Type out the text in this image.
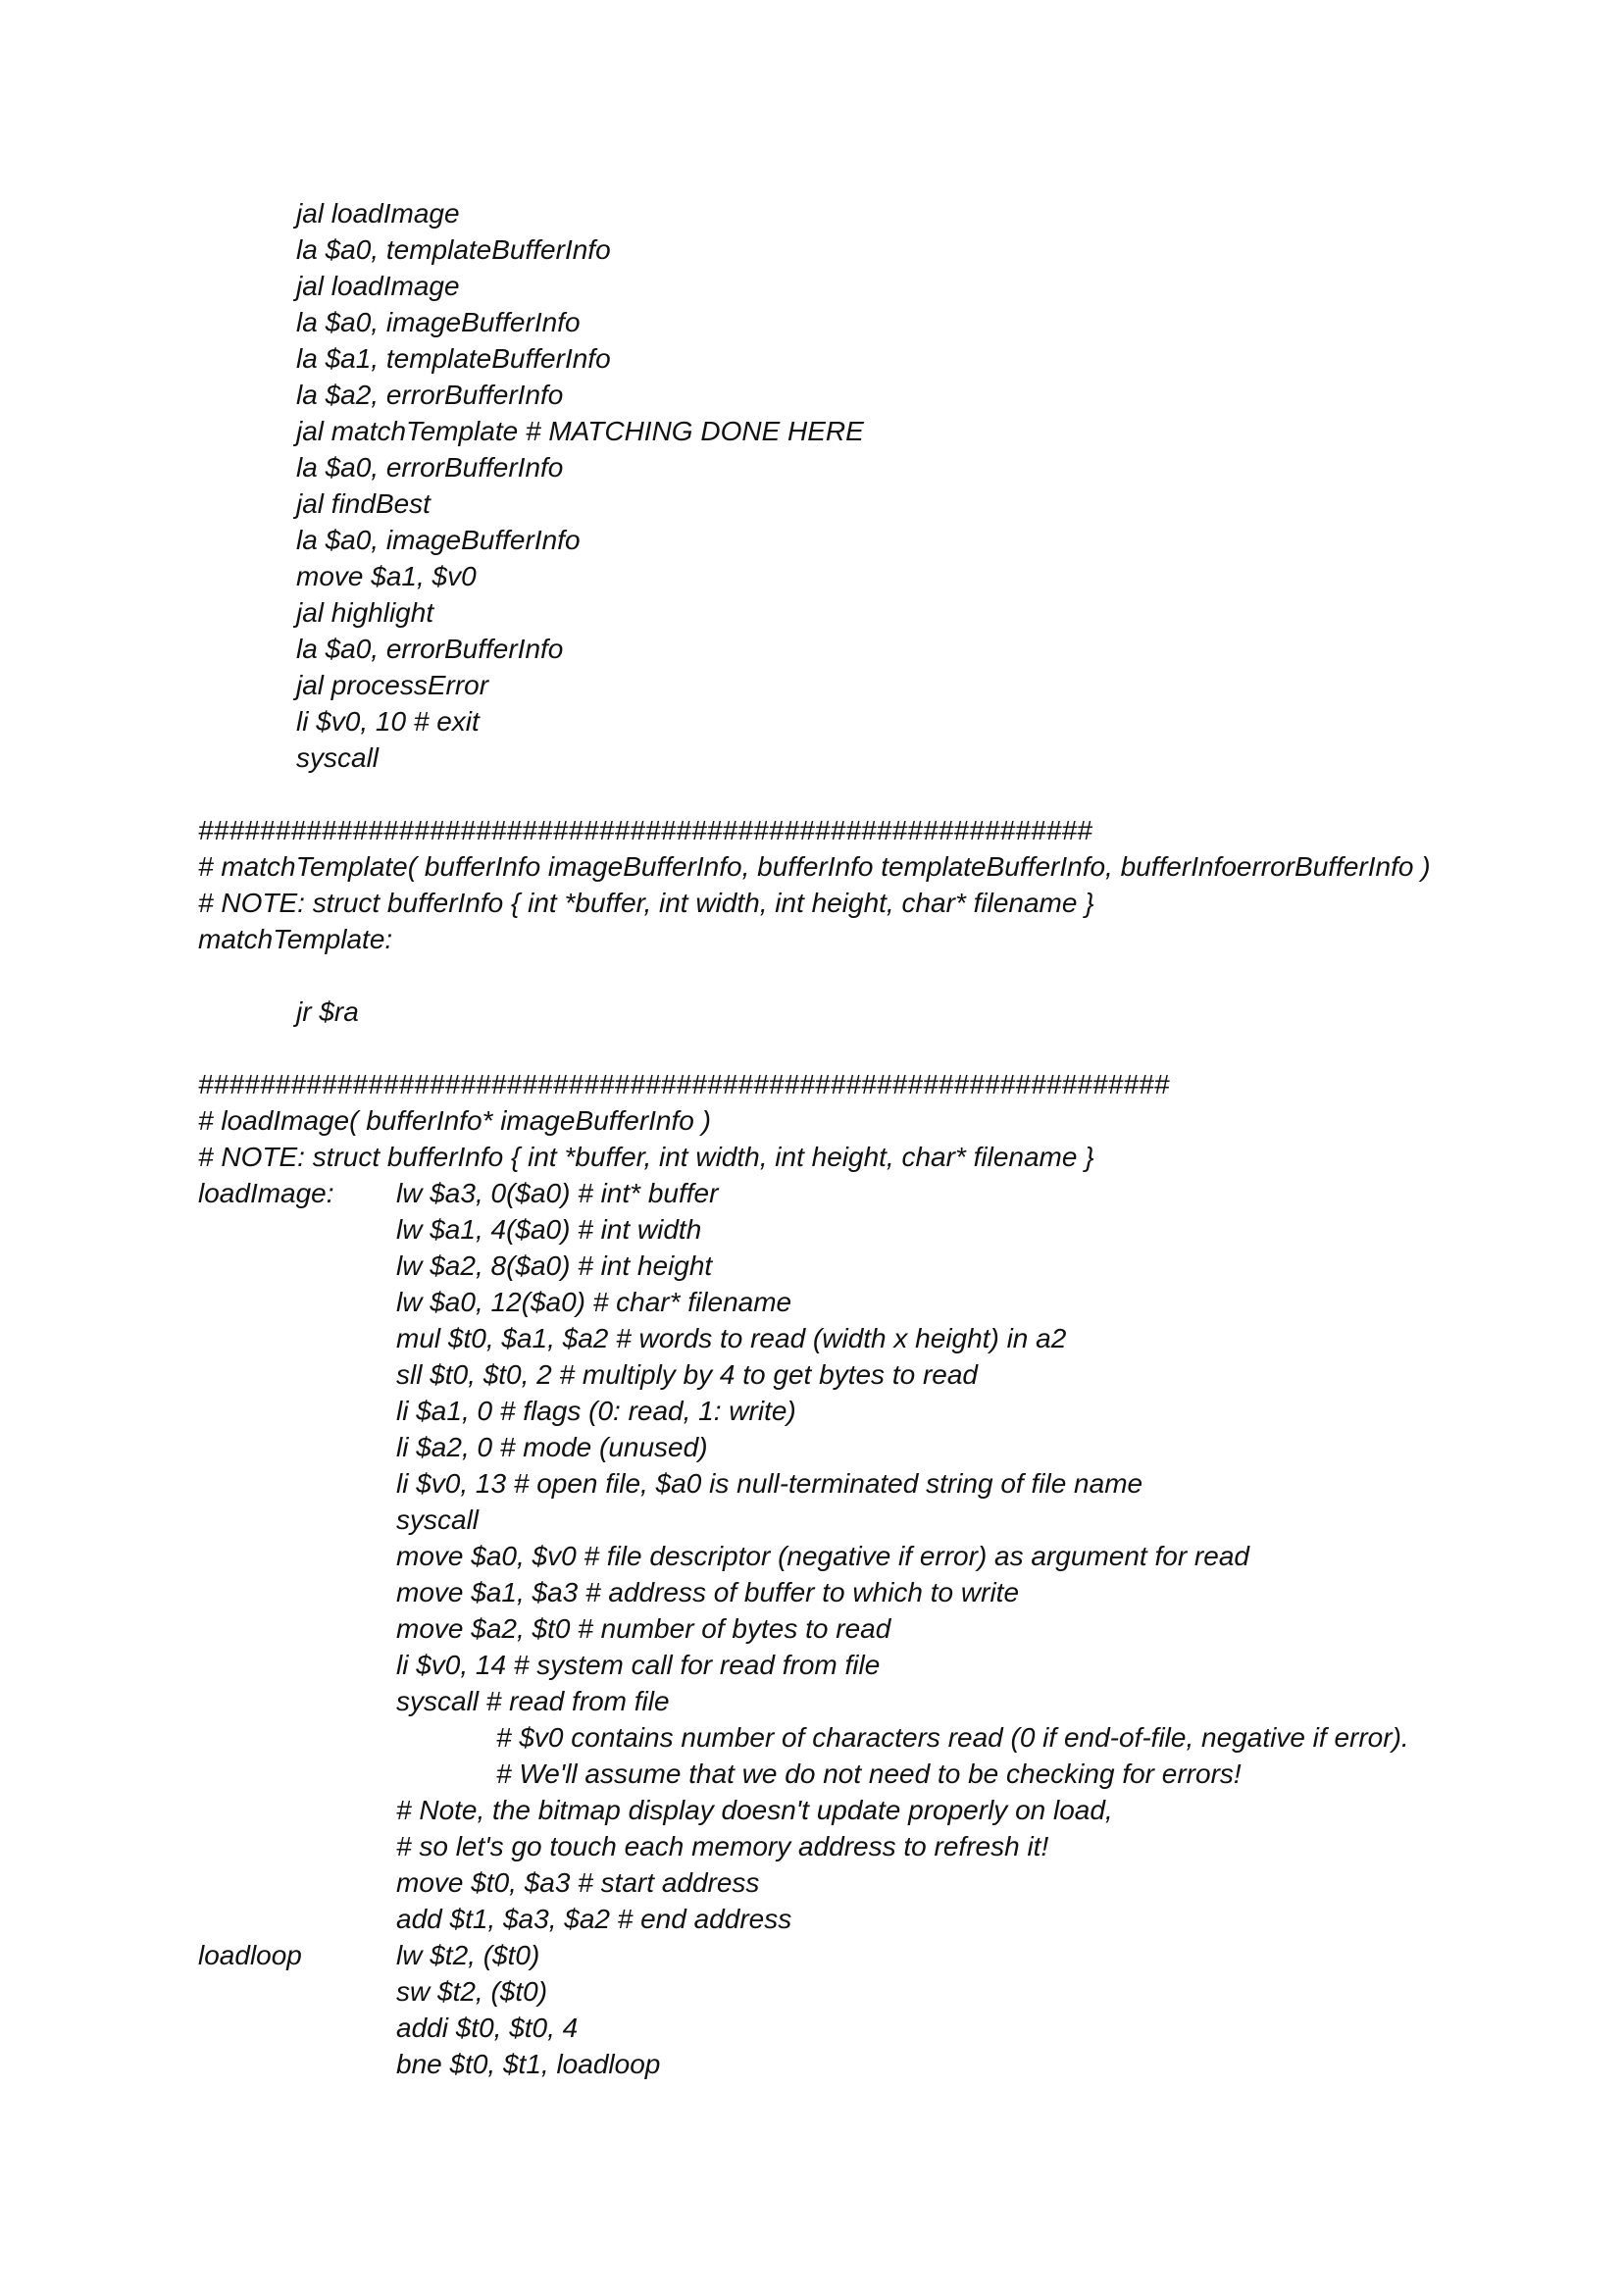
jal loadImage

la $a0, templateBufferInfo

jal loadImage

la $a0, imageBufferInfo

la $a1, templateBufferInfo

la $a2, errorBufferInfo

jal matchTemplate # MATCHING DONE HERE

la $a0, errorBufferInfo

jal findBest

la $a0, imageBufferInfo

move $a1, $v0

jal highlight

la $a0, errorBufferInfo

jal processError

li $v0, 10 # exit

syscall

##########################################################

# matchTemplate( bufferInfo imageBufferInfo, bufferInfo templateBufferInfo, bufferInfoerrorBufferInfo )

# NOTE: struct bufferInfo { int *buffer, int width, int height, char* filename }

matchTemplate:

jr $ra

###############################################################

# loadImage( bufferInfo* imageBufferInfo )

# NOTE: struct bufferInfo { int *buffer, int width, int height, char* filename }

loadImage: lw $a3, 0($a0) # int* buffer

lw $a1, 4($a0) # int width

lw $a2, 8($a0) # int height

lw $a0, 12($a0) # char* filename

mul $t0, $a1, $a2 # words to read (width x height) in a2

sll $t0, $t0, 2 # multiply by 4 to get bytes to read

li $a1, 0 # flags (0: read, 1: write)

li $a2, 0 # mode (unused)

li $v0, 13 # open file, $a0 is null-terminated string of file name

syscall

move $a0, $v0 # file descriptor (negative if error) as argument for read

move $a1, $a3 # address of buffer to which to write

move $a2, $t0 # number of bytes to read

li $v0, 14 # system call for read from file

syscall # read from file

# $v0 contains number of characters read (0 if end-of-file, negative if error).

# We'll assume that we do not need to be checking for errors!

# Note, the bitmap display doesn't update properly on load,

# so let's go touch each memory address to refresh it!

move $t0, $a3 # start address

add $t1, $a3, $a2 # end address

loadloop	lw $t2, ($t0)

sw $t2, ($t0)

addi $t0, $t0, 4

bne $t0, $t1, loadloop
